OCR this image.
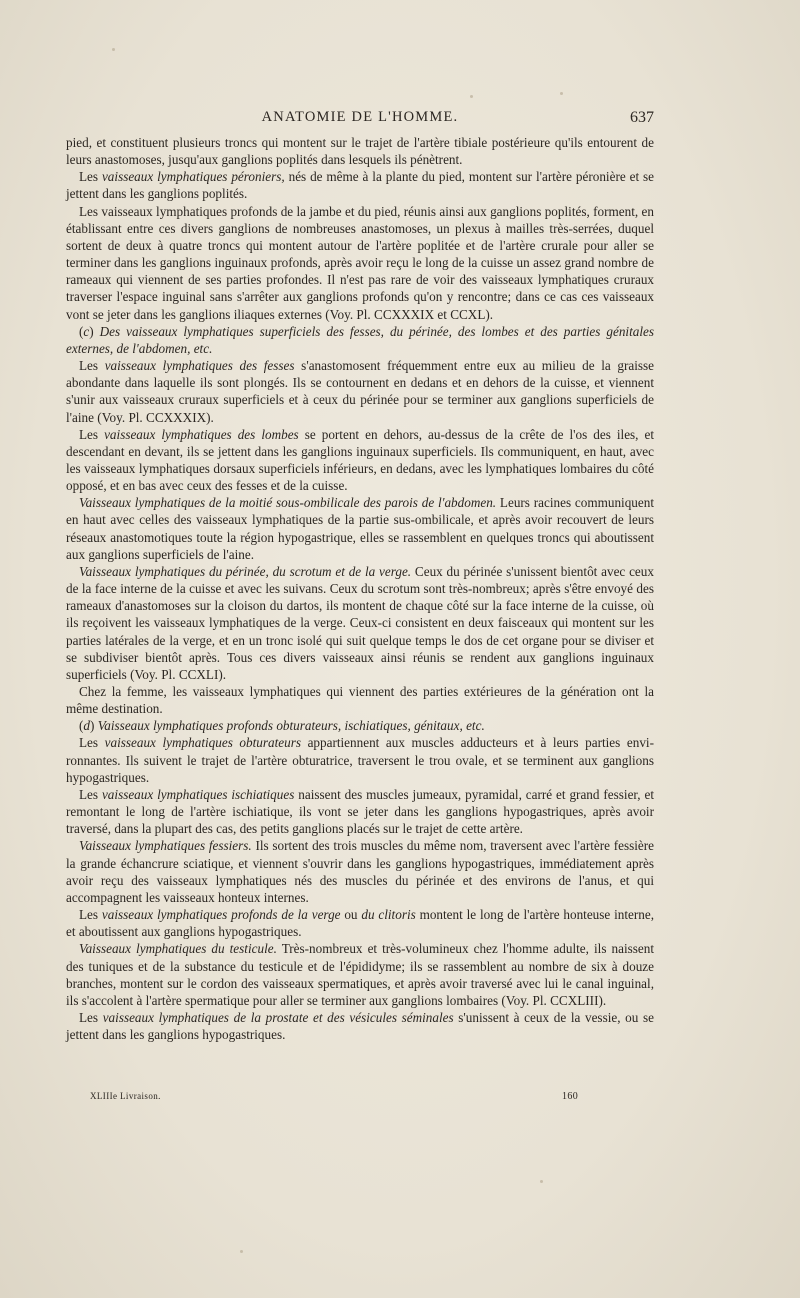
ANATOMIE DE L'HOMME.	637

pied, et constituent plusieurs troncs qui montent sur le trajet de l'artère tibiale postérieure qu'ils entourent de leurs anastomoses, jusqu'aux ganglions poplités dans lesquels ils pénètrent.

Les vaisseaux lymphatiques péroniers, nés de même à la plante du pied, montent sur l'artère péronière et se jettent dans les ganglions poplités.

Les vaisseaux lymphatiques profonds de la jambe et du pied, réunis ainsi aux ganglions poplités, forment, en établissant entre ces divers ganglions de nombreuses anastomoses, un plexus à mailles très-serrées, duquel sortent de deux à quatre troncs qui montent autour de l'artère poplitée et de l'artère crurale pour aller se terminer dans les ganglions inguinaux profonds, après avoir reçu le long de la cuisse un assez grand nombre de rameaux qui viennent de ses parties profondes. Il n'est pas rare de voir des vaisseaux lymphatiques cruraux traverser l'espace inguinal sans s'arrêter aux ganglions profonds qu'on y rencontre; dans ce cas ces vaisseaux vont se jeter dans les ganglions iliaques externes (Voy. Pl. CCXXXIX et CCXL).

(c) Des vaisseaux lymphatiques superficiels des fesses, du périnée, des lombes et des parties génitales externes, de l'abdomen, etc.

Les vaisseaux lymphatiques des fesses s'anastomosent fréquemment entre eux au milieu de la graisse abondante dans laquelle ils sont plongés. Ils se contournent en dedans et en dehors de la cuisse, et viennent s'unir aux vaisseaux cruraux superficiels et à ceux du périnée pour se terminer aux ganglions superficiels de l'aine (Voy. Pl. CCXXXIX).

Les vaisseaux lymphatiques des lombes se portent en dehors, au-dessus de la crête de l'os des iles, et descendant en devant, ils se jettent dans les ganglions inguinaux superficiels. Ils communiquent, en haut, avec les vaisseaux lymphatiques dorsaux superficiels inférieurs, en dedans, avec les lymphatiques lombaires du côté opposé, et en bas avec ceux des fesses et de la cuisse.

Vaisseaux lymphatiques de la moitié sous-ombilicale des parois de l'abdomen. Leurs racines communiquent en haut avec celles des vaisseaux lymphatiques de la partie sus-ombilicale, et après avoir recouvert de leurs réseaux anastomotiques toute la région hypogastrique, elles se rassemblent en quelques troncs qui aboutissent aux ganglions superficiels de l'aine.

Vaisseaux lymphatiques du périnée, du scrotum et de la verge. Ceux du périnée s'unissent bientôt avec ceux de la face interne de la cuisse et avec les suivans. Ceux du scrotum sont très-nombreux; après s'être envoyé des rameaux d'anastomoses sur la cloison du dartos, ils montent de chaque côté sur la face interne de la cuisse, où ils reçoivent les vaisseaux lymphatiques de la verge. Ceux-ci consistent en deux faisceaux qui montent sur les parties latérales de la verge, et en un tronc isolé qui suit quelque temps le dos de cet organe pour se diviser et se subdiviser bientôt après. Tous ces divers vaisseaux ainsi réunis se rendent aux ganglions inguinaux superficiels (Voy. Pl. CCXLI).

Chez la femme, les vaisseaux lymphatiques qui viennent des parties extérieures de la génération ont la même destination.

(d) Vaisseaux lymphatiques profonds obturateurs, ischiatiques, génitaux, etc.

Les vaisseaux lymphatiques obturateurs appartiennent aux muscles adducteurs et à leurs parties environnantes. Ils suivent le trajet de l'artère obturatrice, traversent le trou ovale, et se terminent aux ganglions hypogastriques.

Les vaisseaux lymphatiques ischiatiques naissent des muscles jumeaux, pyramidal, carré et grand fessier, et remontant le long de l'artère ischiatique, ils vont se jeter dans les ganglions hypogastriques, après avoir traversé, dans la plupart des cas, des petits ganglions placés sur le trajet de cette artère.

Vaisseaux lymphatiques fessiers. Ils sortent des trois muscles du même nom, traversent avec l'artère fessière la grande échancrure sciatique, et viennent s'ouvrir dans les ganglions hypogastriques, immédiatement après avoir reçu des vaisseaux lymphatiques nés des muscles du périnée et des environs de l'anus, et qui accompagnent les vaisseaux honteux internes.

Les vaisseaux lymphatiques profonds de la verge ou du clitoris montent le long de l'artère honteuse interne, et aboutissent aux ganglions hypogastriques.

Vaisseaux lymphatiques du testicule. Très-nombreux et très-volumineux chez l'homme adulte, ils naissent des tuniques et de la substance du testicule et de l'épididyme; ils se rassemblent au nombre de six à douze branches, montent sur le cordon des vaisseaux spermatiques, et après avoir traversé avec lui le canal inguinal, ils s'accolent à l'artère spermatique pour aller se terminer aux ganglions lombaires (Voy. Pl. CCXLIII).

Les vaisseaux lymphatiques de la prostate et des vésicules séminales s'unissent à ceux de la vessie, ou se jettent dans les ganglions hypogastriques.

XLIIIe Livraison.	160
